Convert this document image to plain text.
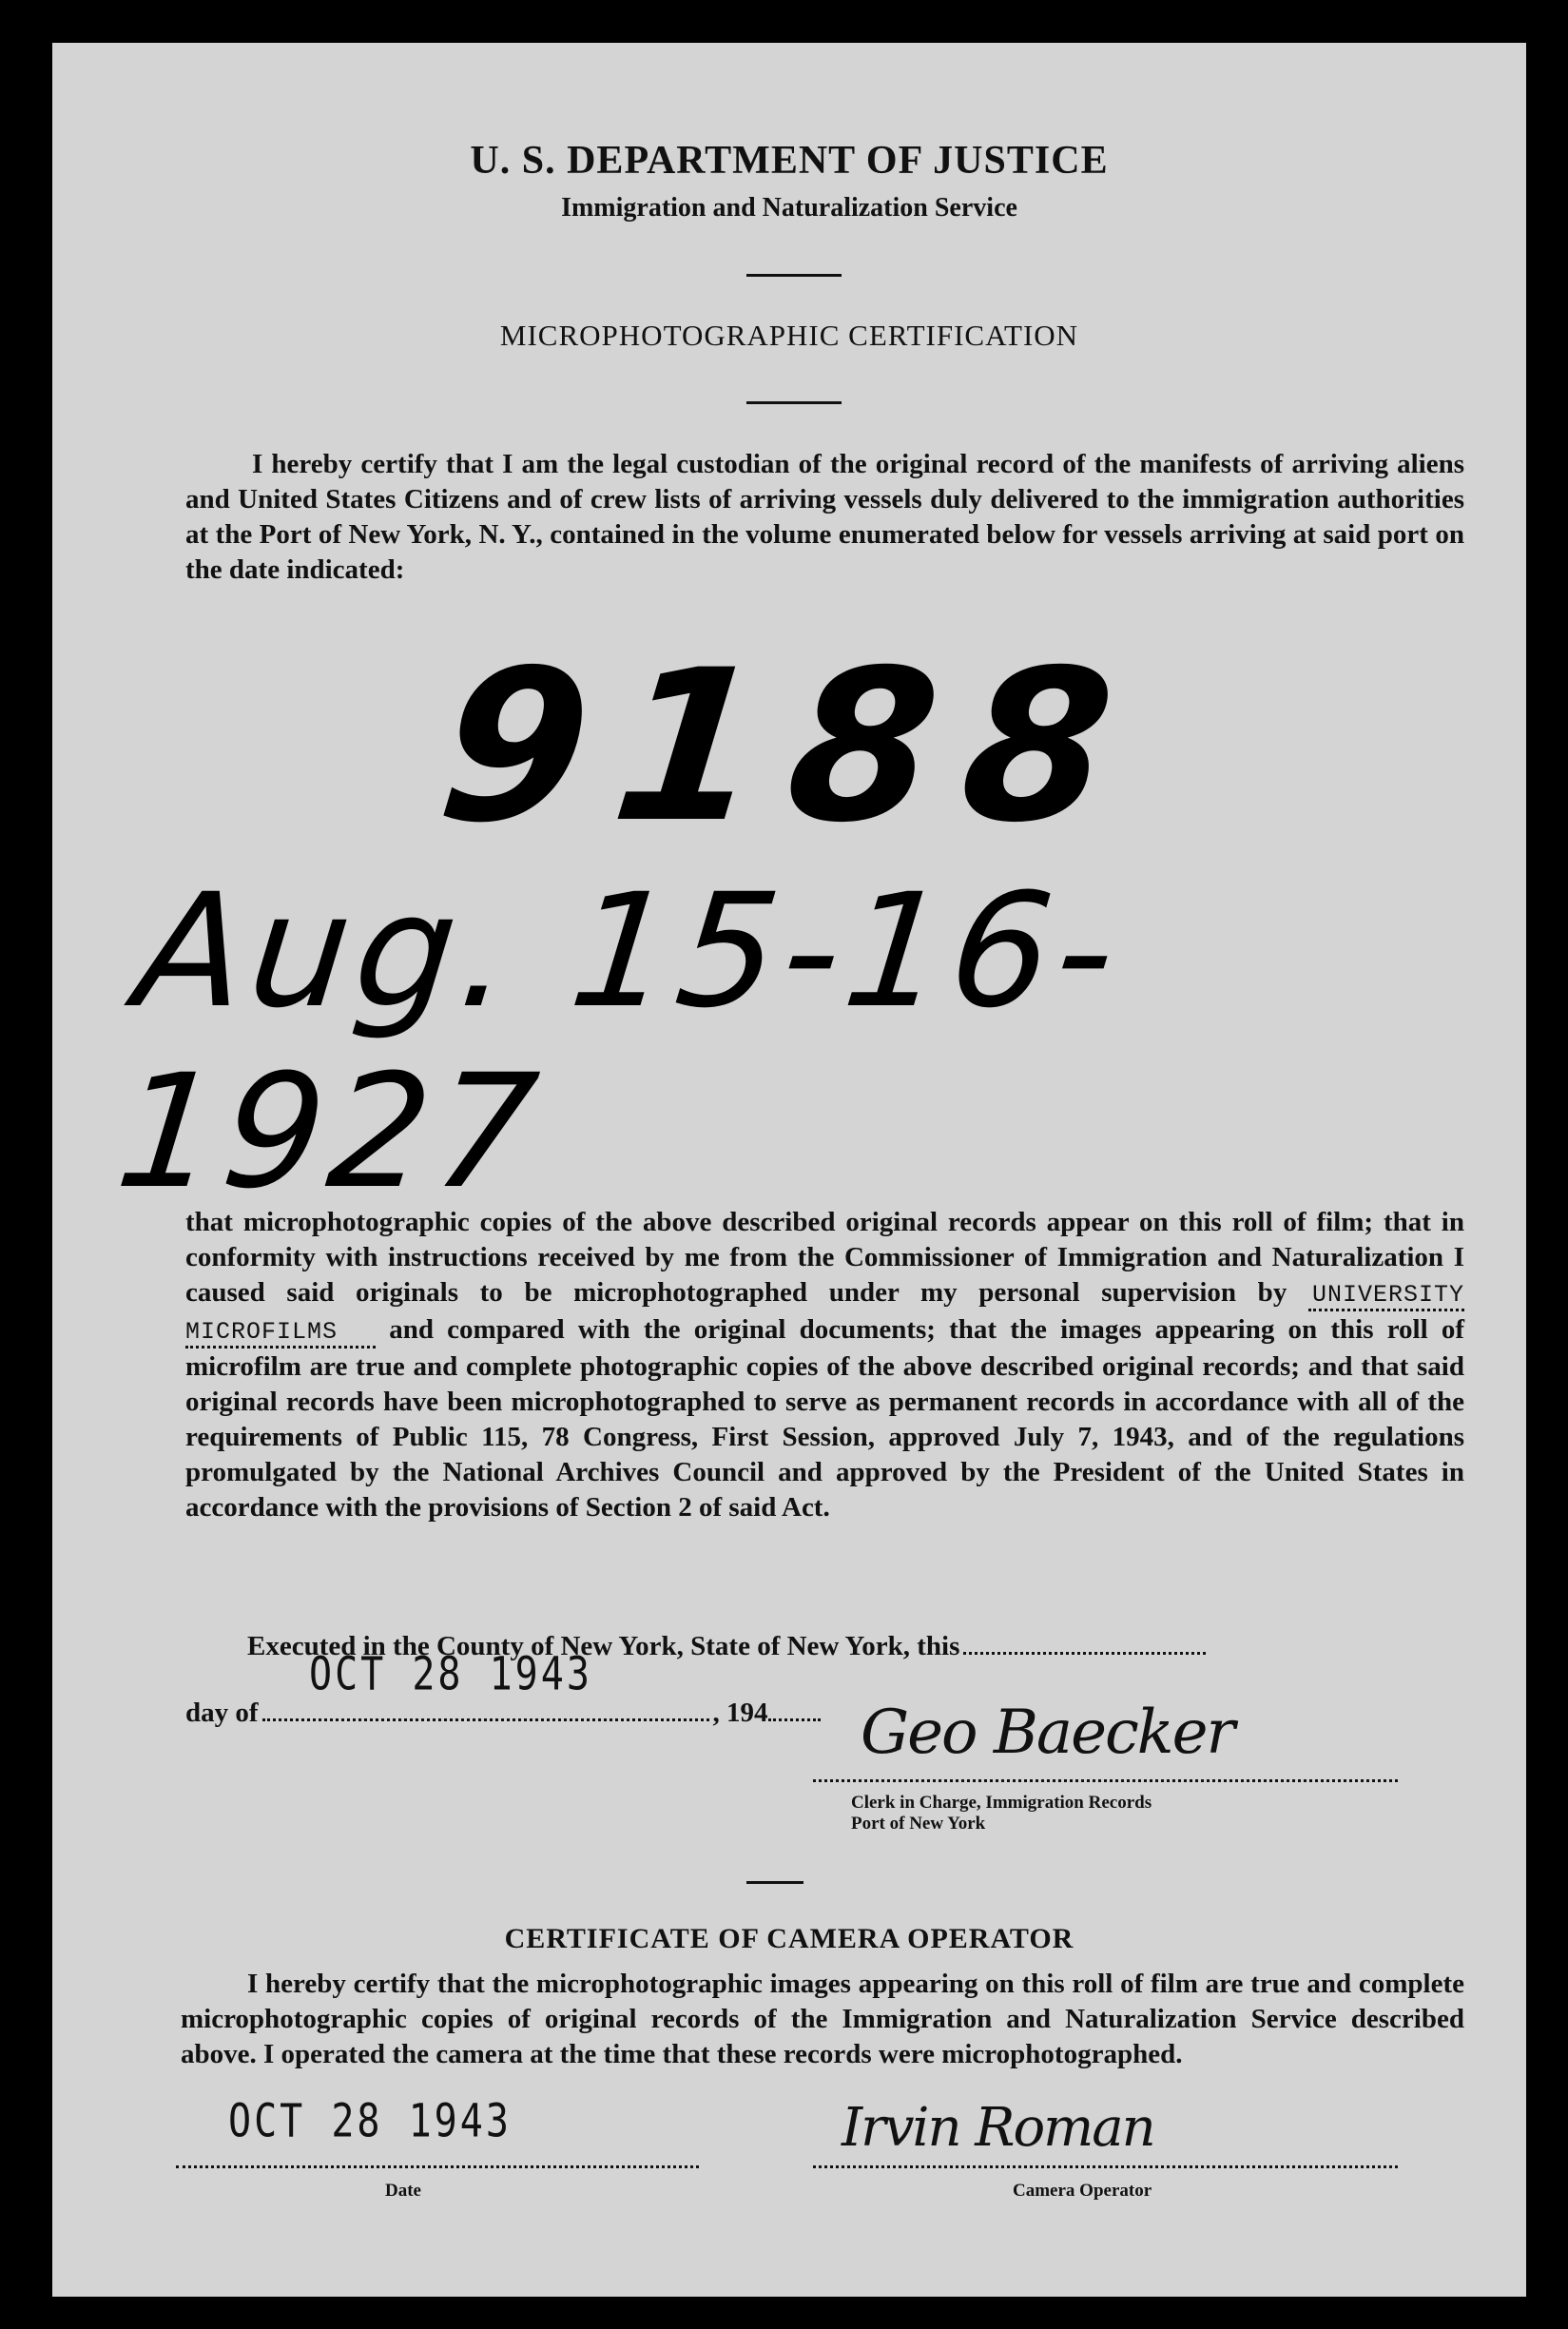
U. S. DEPARTMENT OF JUSTICE
Immigration and Naturalization Service
MICROPHOTOGRAPHIC CERTIFICATION
I hereby certify that I am the legal custodian of the original record of the manifests of arriving aliens and United States Citizens and of crew lists of arriving vessels duly delivered to the immigration authorities at the Port of New York, N. Y., contained in the volume enumerated below for vessels arriving at said port on the date indicated:
9188
Aug. 15-16-1927
that microphotographic copies of the above described original records appear on this roll of film; that in conformity with instructions received by me from the Commissioner of Immigration and Naturalization I caused said originals to be microphotographed under my personal supervision by UNIVERSITY MICROFILMS and compared with the original documents; that the images appearing on this roll of microfilm are true and complete photographic copies of the above described original records; and that said original records have been microphotographed to serve as permanent records in accordance with all of the requirements of Public 115, 78 Congress, First Session, approved July 7, 1943, and of the regulations promulgated by the National Archives Council and approved by the President of the United States in accordance with the provisions of Section 2 of said Act.
Executed in the County of New York, State of New York, this
OCT 28 1943
day of	, 194	Geo Baecker
Clerk in Charge, Immigration Records
Port of New York
CERTIFICATE OF CAMERA OPERATOR
I hereby certify that the microphotographic images appearing on this roll of film are true and complete microphotographic copies of original records of the Immigration and Naturalization Service described above. I operated the camera at the time that these records were microphotographed.
OCT 28 1943
Date
Irvin Roman
Camera Operator
